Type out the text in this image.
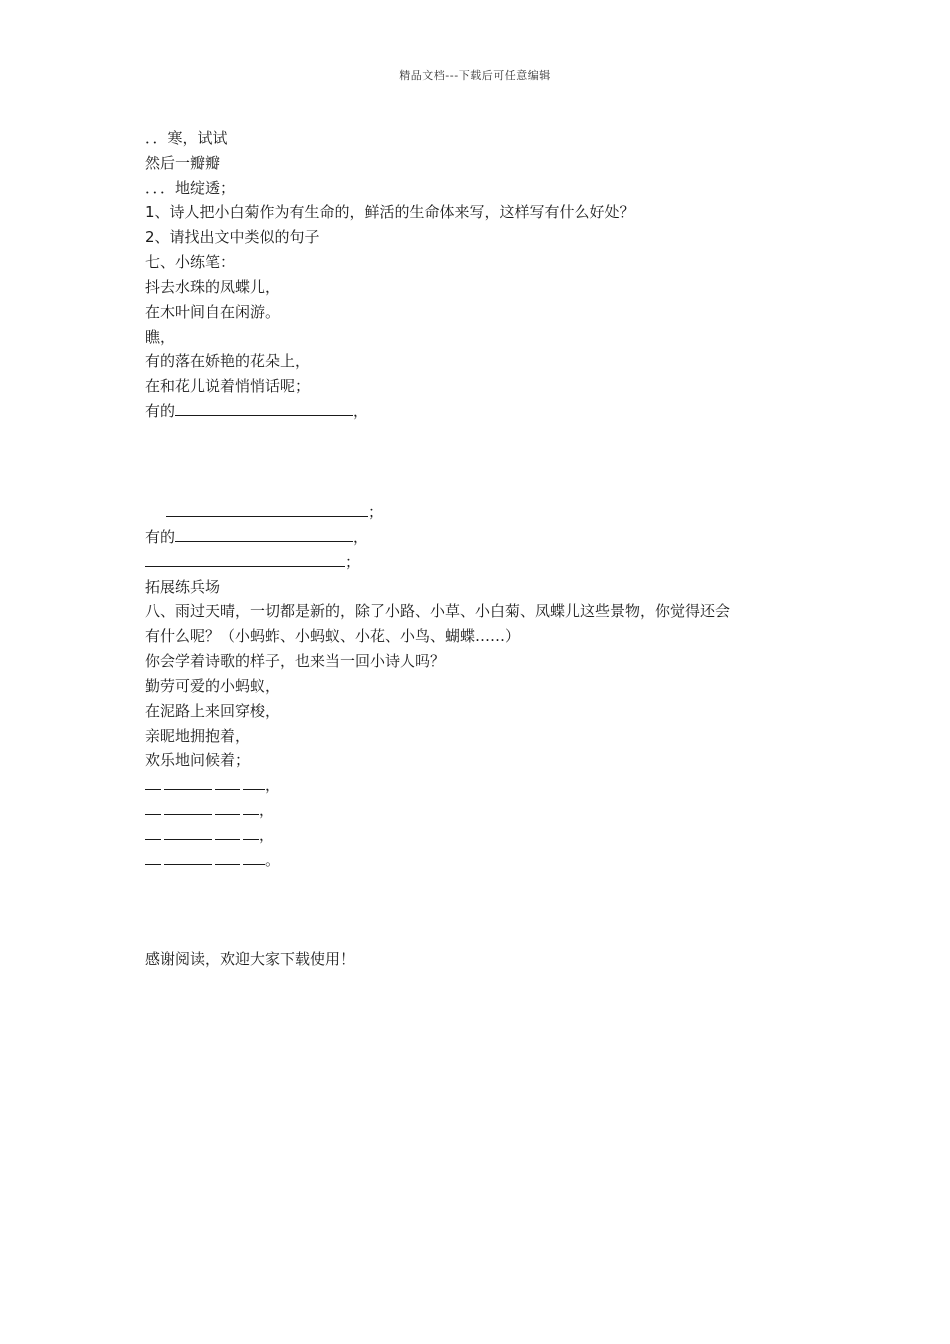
精品文档---下载后可任意编辑
．．寒，试试
然后一瓣瓣
．．．地绽透；
1、诗人把小白菊作为有生命的，鲜活的生命体来写，这样写有什么好处？
2、请找出文中类似的句子
七、小练笔：
抖去水珠的凤蝶儿，
在木叶间自在闲游。
瞧，
有的落在娇艳的花朵上，
在和花儿说着悄悄话呢；
有的	，
；
有的	，
；
拓展练兵场
八、雨过天晴，一切都是新的，除了小路、小草、小白菊、凤蝶儿这些景物，你觉得还会
有什么呢？（小蚂蚱、小蚂蚁、小花、小鸟、蝴蝶……）
你会学着诗歌的样子，也来当一回小诗人吗？
勤劳可爱的小蚂蚁，
在泥路上来回穿梭，
亲昵地拥抱着，
欢乐地问候着；
，
，
，
。
感谢阅读，欢迎大家下载使用！
